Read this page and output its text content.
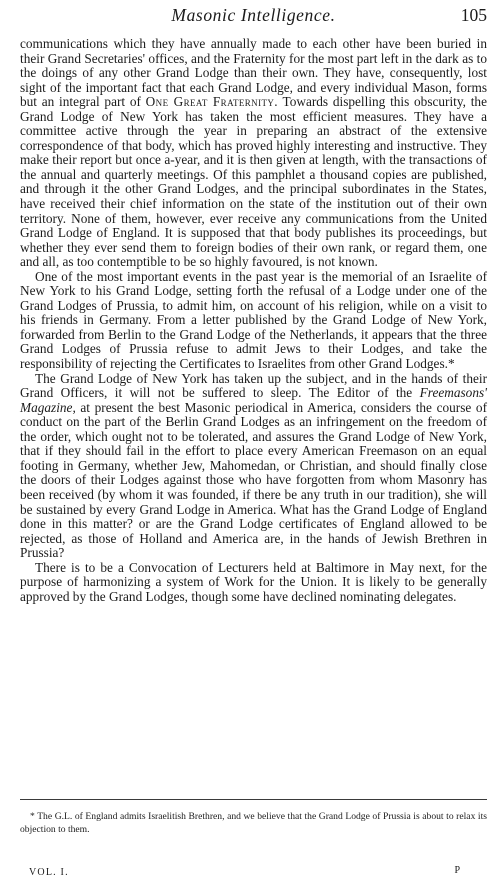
Masonic Intelligence.	105

communications which they have annually made to each other have been buried in their Grand Secretaries' offices, and the Fraternity for the most part left in the dark as to the doings of any other Grand Lodge than their own. They have, consequently, lost sight of the important fact that each Grand Lodge, and every individual Mason, forms but an integral part of One Great Fraternity. Towards dispelling this obscurity, the Grand Lodge of New York has taken the most efficient measures. They have a committee active through the year in preparing an abstract of the extensive correspondence of that body, which has proved highly interesting and instructive. They make their report but once a-year, and it is then given at length, with the transactions of the annual and quarterly meetings. Of this pamphlet a thousand copies are published, and through it the other Grand Lodges, and the principal subordinates in the States, have received their chief information on the state of the institution out of their own territory. None of them, however, ever receive any communications from the United Grand Lodge of England. It is supposed that that body publishes its proceedings, but whether they ever send them to foreign bodies of their own rank, or regard them, one and all, as too contemptible to be so highly favoured, is not known.

One of the most important events in the past year is the memorial of an Israelite of New York to his Grand Lodge, setting forth the refusal of a Lodge under one of the Grand Lodges of Prussia, to admit him, on account of his religion, while on a visit to his friends in Germany. From a letter published by the Grand Lodge of New York, forwarded from Berlin to the Grand Lodge of the Netherlands, it appears that the three Grand Lodges of Prussia refuse to admit Jews to their Lodges, and take the responsibility of rejecting the Certificates to Israelites from other Grand Lodges.*

The Grand Lodge of New York has taken up the subject, and in the hands of their Grand Officers, it will not be suffered to sleep. The Editor of the Freemasons' Magazine, at present the best Masonic periodical in America, considers the course of conduct on the part of the Berlin Grand Lodges as an infringement on the freedom of the order, which ought not to be tolerated, and assures the Grand Lodge of New York, that if they should fail in the effort to place every American Freemason on an equal footing in Germany, whether Jew, Mahomedan, or Christian, and should finally close the doors of their Lodges against those who have forgotten from whom Masonry has been received (by whom it was founded, if there be any truth in our tradition), she will be sustained by every Grand Lodge in America. What has the Grand Lodge of England done in this matter? or are the Grand Lodge certificates of England allowed to be rejected, as those of Holland and America are, in the hands of Jewish Brethren in Prussia?

There is to be a Convocation of Lecturers held at Baltimore in May next, for the purpose of harmonizing a system of Work for the Union. It is likely to be generally approved by the Grand Lodges, though some have declined nominating delegates.

* The G.L. of England admits Israelitish Brethren, and we believe that the Grand Lodge of Prussia is about to relax its objection to them.
VOL. I.	P
